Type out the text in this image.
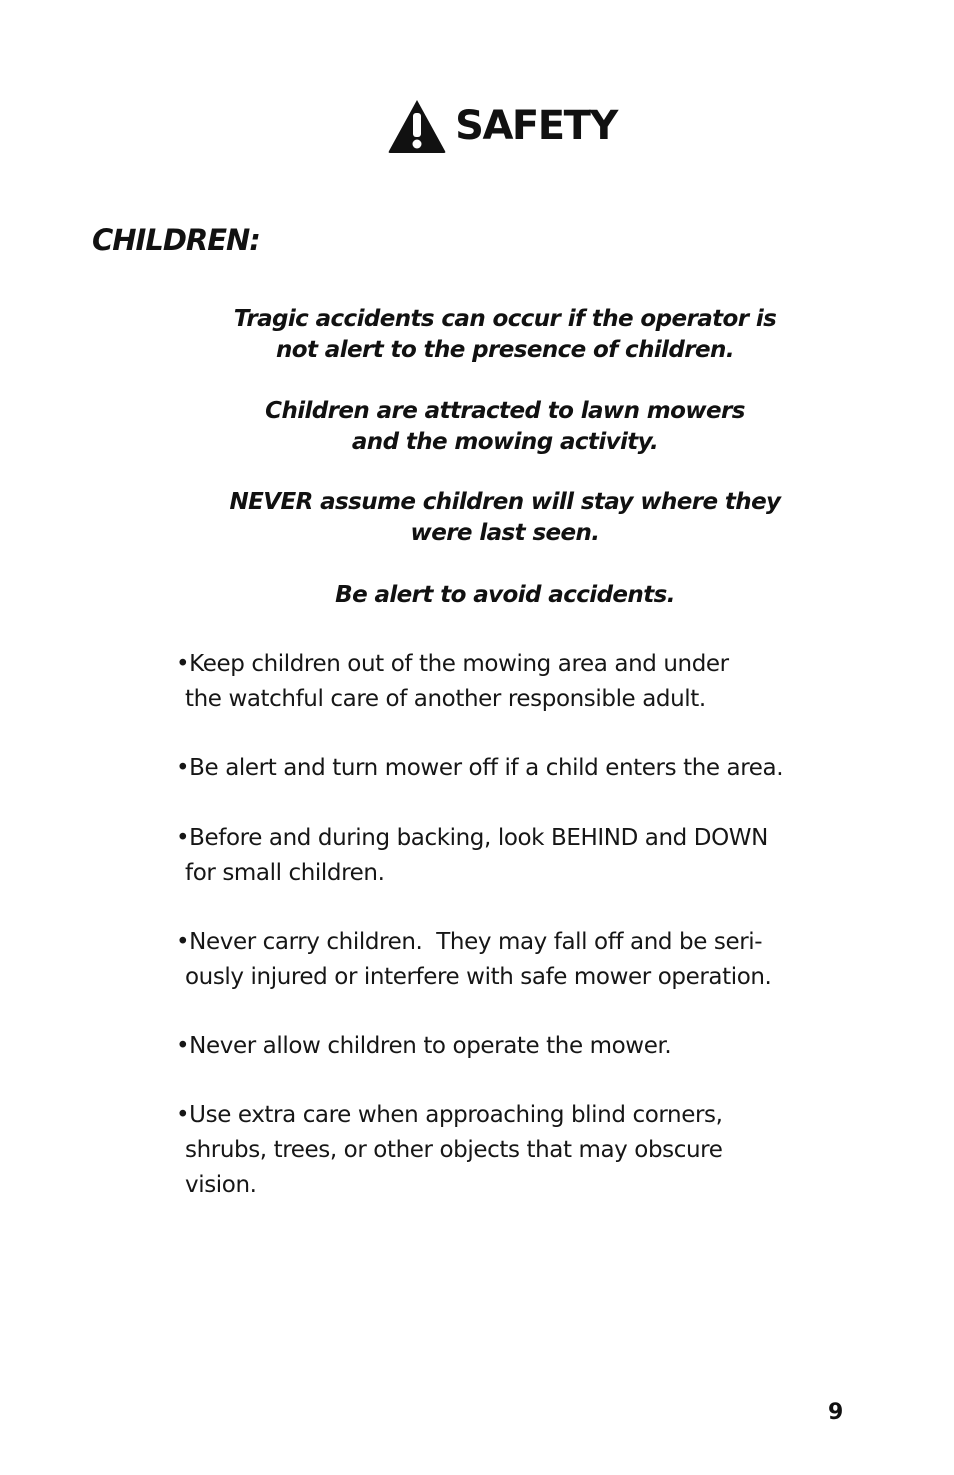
SAFETY
CHILDREN:
Tragic accidents can occur if the operator is
not alert to the presence of children.
Children are attracted to lawn mowers
and the mowing activity.
NEVER assume children will stay where they
were last seen.
Be alert to avoid accidents.
•Keep children out of the mowing area and under
the watchful care of another responsible adult.
•Be alert and turn mower off if a child enters the area.
•Before and during backing, look BEHIND and DOWN
for small children.
•Never carry children.  They may fall off and be seri-
ously injured or interfere with safe mower operation.
•Never allow children to operate the mower.
•Use extra care when approaching blind corners,
shrubs, trees, or other objects that may obscure
vision.
9
